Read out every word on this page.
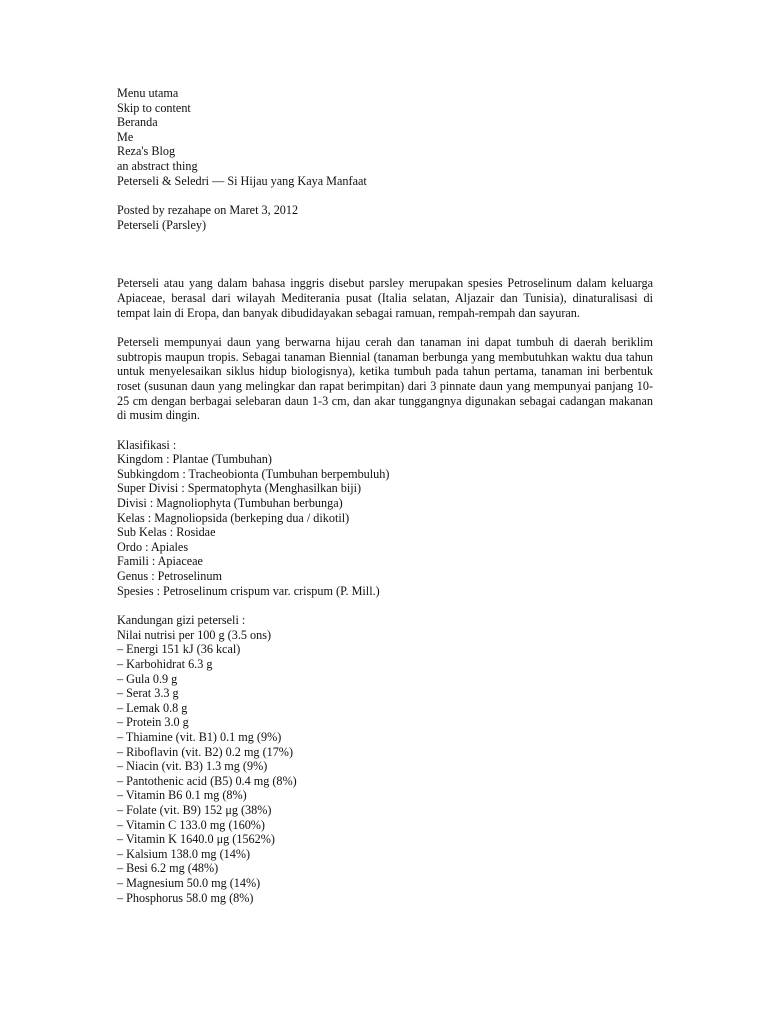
Menu utama
Skip to content
Beranda
Me
Reza's Blog
an abstract thing
Peterseli & Seledri — Si Hijau yang Kaya Manfaat
Posted by rezahape on Maret 3, 2012
Peterseli (Parsley)

Peterseli atau yang dalam bahasa inggris disebut parsley merupakan spesies Petroselinum dalam keluarga Apiaceae, berasal dari wilayah Mediterania pusat (Italia selatan, Aljazair dan Tunisia), dinaturalisasi di tempat lain di Eropa, dan banyak dibudidayakan sebagai ramuan, rempah-rempah dan sayuran.

Peterseli mempunyai daun yang berwarna hijau cerah dan tanaman ini dapat tumbuh di daerah beriklim subtropis maupun tropis. Sebagai tanaman Biennial (tanaman berbunga yang membutuhkan waktu dua tahun untuk menyelesaikan siklus hidup biologisnya), ketika tumbuh pada tahun pertama, tanaman ini berbentuk roset (susunan daun yang melingkar dan rapat berimpitan) dari 3 pinnate daun yang mempunyai panjang 10-25 cm dengan berbagai selebaran daun 1-3 cm, dan akar tunggangnya digunakan sebagai cadangan makanan di musim dingin.

Klasifikasi :
Kingdom : Plantae (Tumbuhan)
Subkingdom : Tracheobionta (Tumbuhan berpembuluh)
Super Divisi : Spermatophyta (Menghasilkan biji)
Divisi : Magnoliophyta (Tumbuhan berbunga)
Kelas : Magnoliopsida (berkeping dua / dikotil)
Sub Kelas : Rosidae
Ordo : Apiales
Famili : Apiaceae
Genus : Petroselinum
Spesies : Petroselinum crispum var. crispum (P. Mill.)
Kandungan gizi peterseli :
Nilai nutrisi per 100 g (3.5 ons)
– Energi 151 kJ (36 kcal)
– Karbohidrat 6.3 g
– Gula 0.9 g
– Serat 3.3 g
– Lemak 0.8 g
– Protein 3.0 g
– Thiamine (vit. B1) 0.1 mg (9%)
– Riboflavin (vit. B2) 0.2 mg (17%)
– Niacin (vit. B3) 1.3 mg (9%)
– Pantothenic acid (B5) 0.4 mg (8%)
– Vitamin B6 0.1 mg (8%)
– Folate (vit. B9) 152 μg (38%)
– Vitamin C 133.0 mg (160%)
– Vitamin K 1640.0 μg (1562%)
– Kalsium 138.0 mg (14%)
– Besi 6.2 mg (48%)
– Magnesium 50.0 mg (14%)
– Phosphorus 58.0 mg (8%)
